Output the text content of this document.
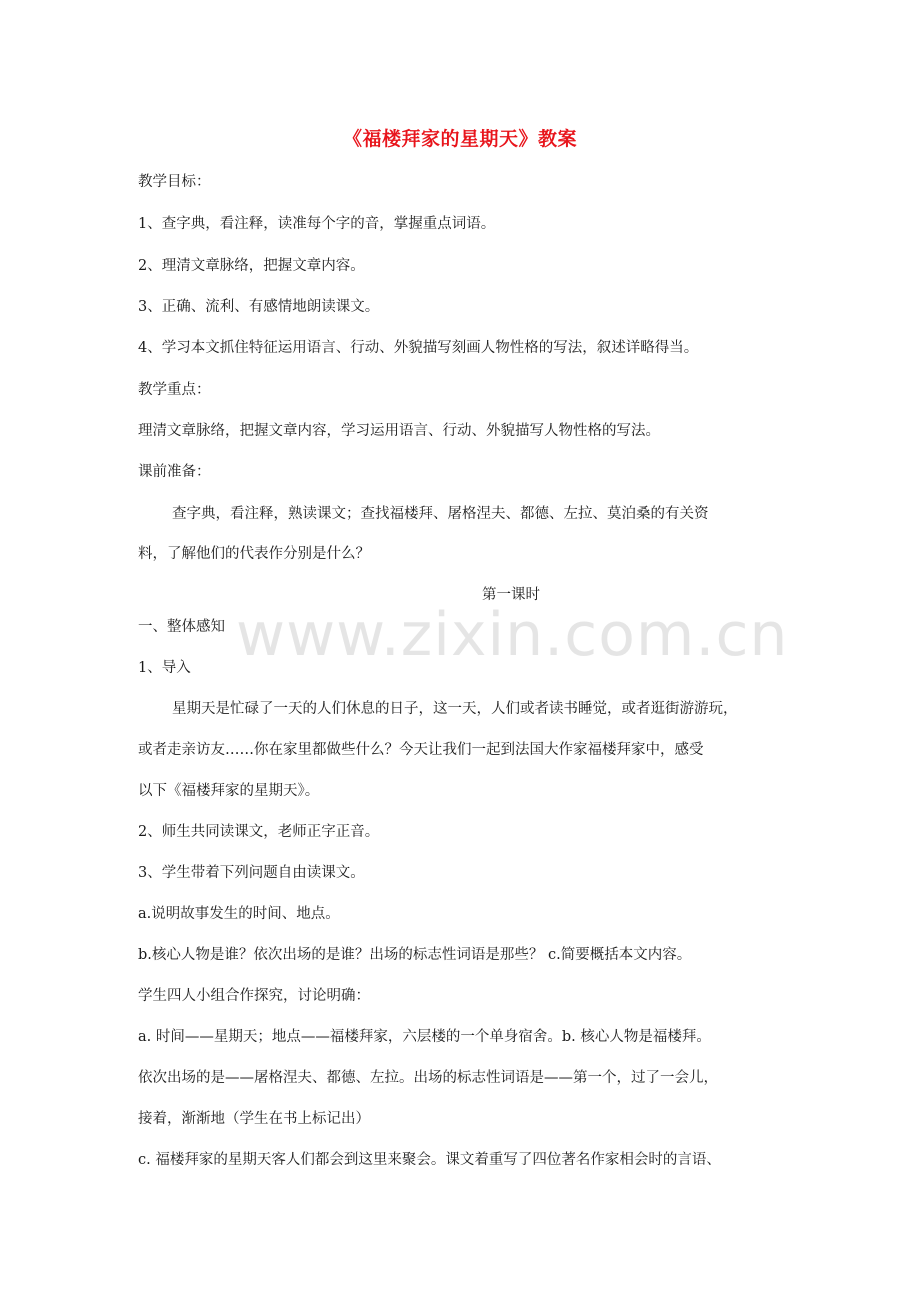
《福楼拜家的星期天》教案
教学目标：
1、查字典，看注释，读准每个字的音，掌握重点词语。
2、理清文章脉络，把握文章内容。
3、正确、流利、有感情地朗读课文。
4、学习本文抓住特征运用语言、行动、外貌描写刻画人物性格的写法，叙述详略得当。
教学重点：
理清文章脉络，把握文章内容，学习运用语言、行动、外貌描写人物性格的写法。
课前准备：
查字典，看注释，熟读课文；查找福楼拜、屠格涅夫、都德、左拉、莫泊桑的有关资
料，了解他们的代表作分别是什么？
第一课时
一、整体感知
1、导入
星期天是忙碌了一天的人们休息的日子，这一天，人们或者读书睡觉，或者逛街游游玩，
或者走亲访友……你在家里都做些什么？今天让我们一起到法国大作家福楼拜家中，感受
以下《福楼拜家的星期天》。
2、师生共同读课文，老师正字正音。
3、学生带着下列问题自由读课文。
a.说明故事发生的时间、地点。
b.核心人物是谁？依次出场的是谁？出场的标志性词语是那些？ c.简要概括本文内容。
学生四人小组合作探究，讨论明确：
a. 时间——星期天；地点——福楼拜家，六层楼的一个单身宿舍。b. 核心人物是福楼拜。
依次出场的是——屠格涅夫、都德、左拉。出场的标志性词语是——第一个，过了一会儿，
接着，渐渐地（学生在书上标记出）
c. 福楼拜家的星期天客人们都会到这里来聚会。课文着重写了四位著名作家相会时的言语、
www.zixin.com.cn
